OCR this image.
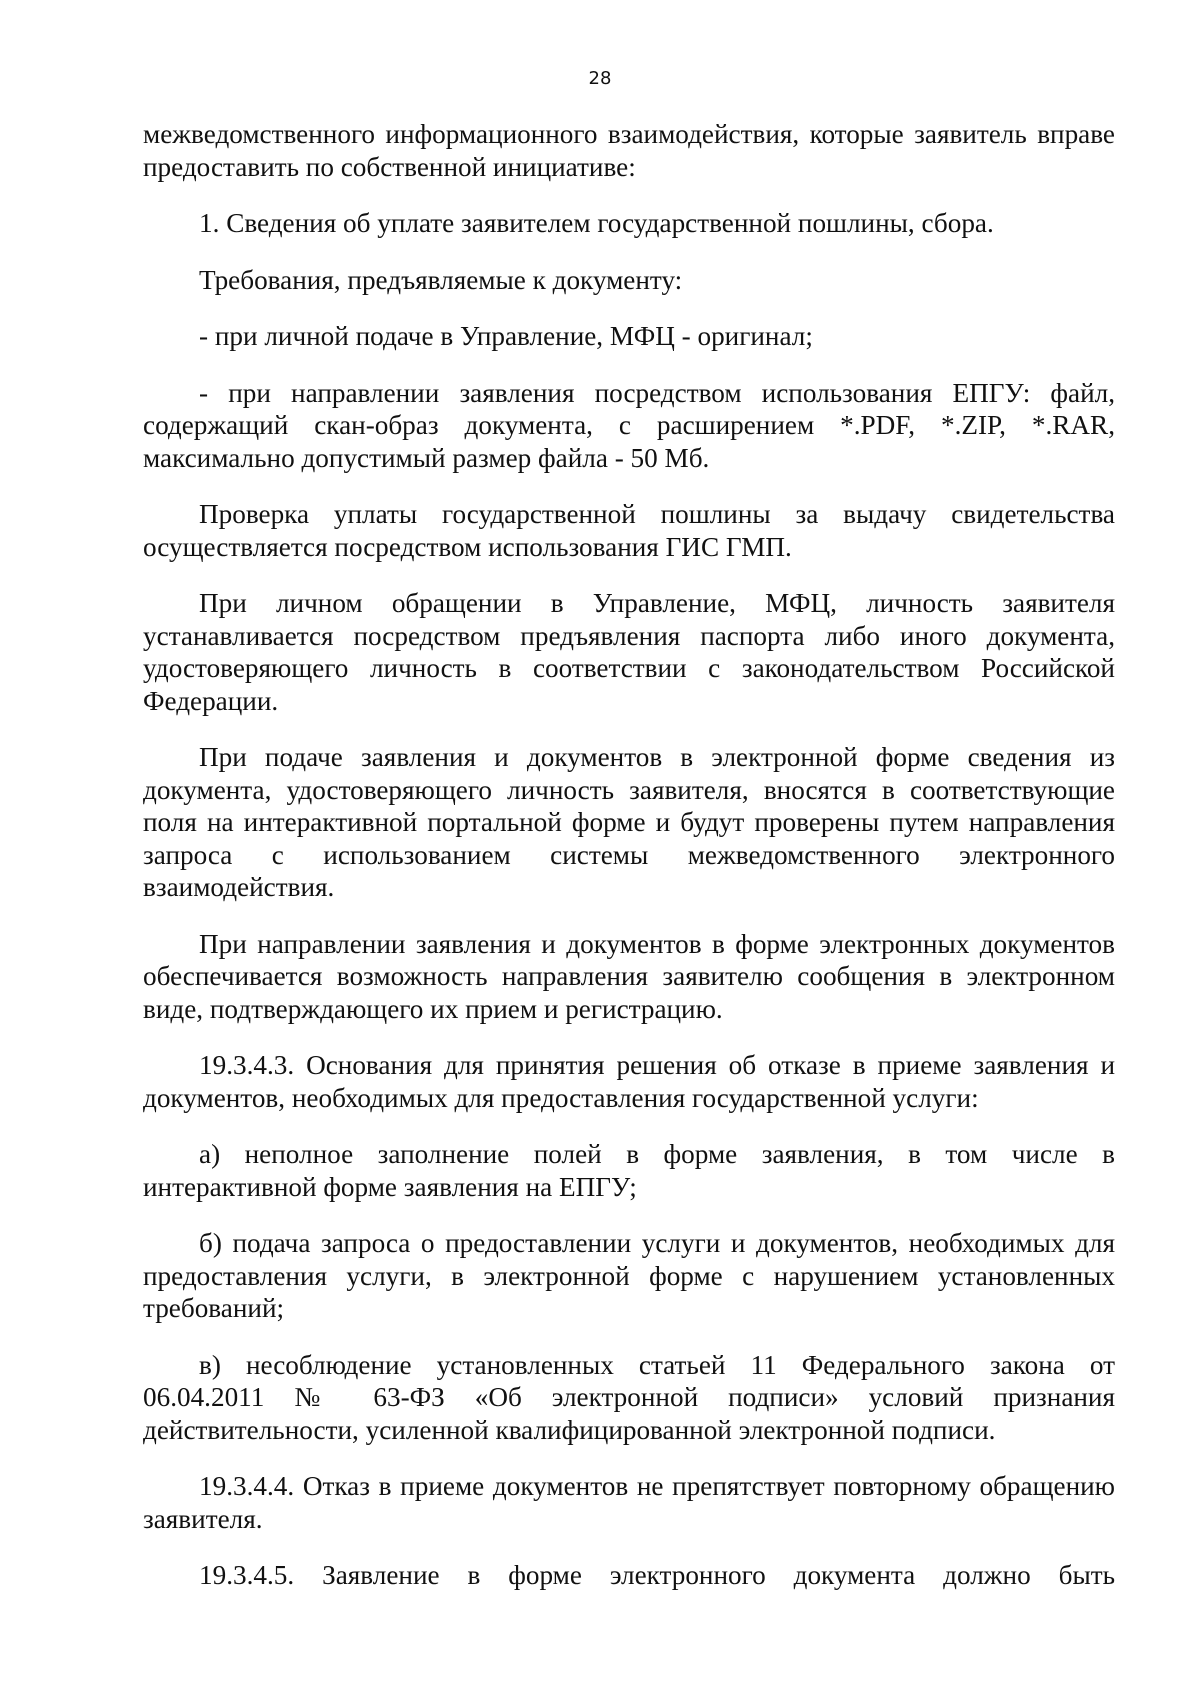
28

межведомственного информационного взаимодействия, которые заявитель вправе предоставить по собственной инициативе:

1. Сведения об уплате заявителем государственной пошлины, сбора.

Требования, предъявляемые к документу:

- при личной подаче в Управление, МФЦ - оригинал;

- при направлении заявления посредством использования ЕПГУ: файл, содержащий скан-образ документа, с расширением *.PDF, *.ZIP, *.RAR, максимально допустимый размер файла - 50 Мб.

Проверка уплаты государственной пошлины за выдачу свидетельства осуществляется посредством использования ГИС ГМП.

При личном обращении в Управление, МФЦ, личность заявителя устанавливается посредством предъявления паспорта либо иного документа, удостоверяющего личность в соответствии с законодательством Российской Федерации.

При подаче заявления и документов в электронной форме сведения из документа, удостоверяющего личность заявителя, вносятся в соответствующие поля на интерактивной портальной форме и будут проверены путем направления запроса с использованием системы межведомственного электронного взаимодействия.

При направлении заявления и документов в форме электронных документов обеспечивается возможность направления заявителю сообщения в электронном виде, подтверждающего их прием и регистрацию.

19.3.4.3. Основания для принятия решения об отказе в приеме заявления и документов, необходимых для предоставления государственной услуги:

а) неполное заполнение полей в форме заявления, в том числе в интерактивной форме заявления на ЕПГУ;

б) подача запроса о предоставлении услуги и документов, необходимых для предоставления услуги, в электронной форме с нарушением установленных требований;

в) несоблюдение установленных статьей 11 Федерального закона от 06.04.2011 № 63-ФЗ «Об электронной подписи» условий признания действительности, усиленной квалифицированной электронной подписи.

19.3.4.4. Отказ в приеме документов не препятствует повторному обращению заявителя.

19.3.4.5. Заявление в форме электронного документа должно быть
